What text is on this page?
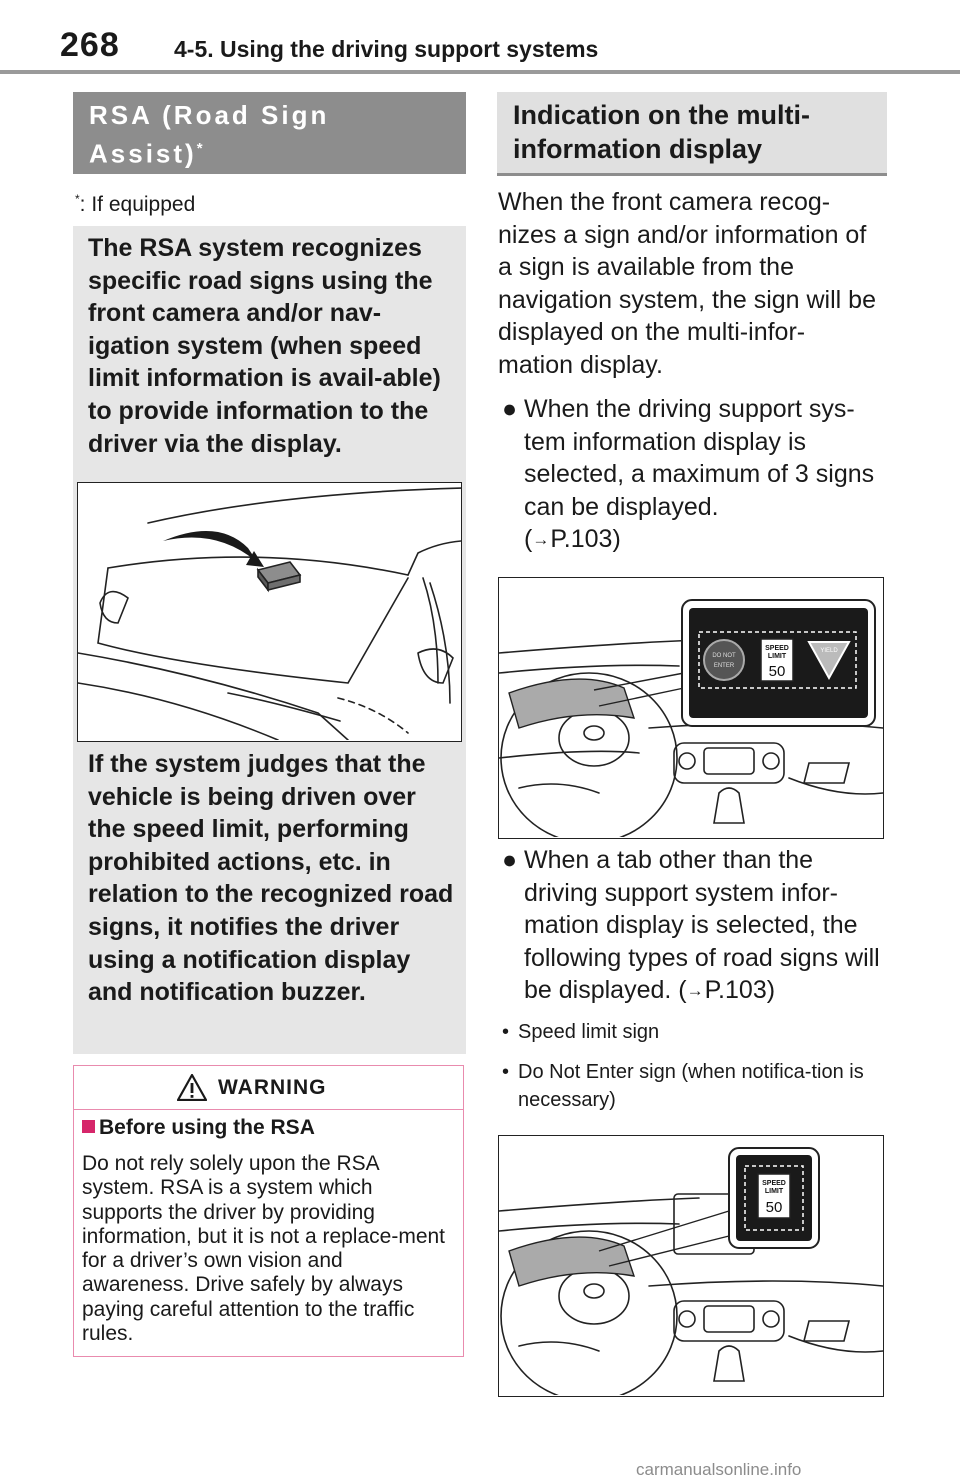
268 4-5. Using the driving support systems
RSA (Road Sign
Assist)*
*: If equipped
The RSA system recognizes specific road signs using the front camera and/or nav-igation system (when speed limit information is avail-able) to provide information to the driver via the display.
If the system judges that the vehicle is being driven over the speed limit, performing prohibited actions, etc. in relation to the recognized road signs, it notifies the driver using a notification display and notification buzzer.
WARNING
Before using the RSA
Do not rely solely upon the RSA system. RSA is a system which supports the driver by providing information, but it is not a replace-ment for a driver’s own vision and awareness. Drive safely by always paying careful attention to the traffic rules.
Indication on the multi-
information display
When the front camera recog-nizes a sign and/or information of a sign is available from the navigation system, the sign will be displayed on the multi-infor-mation display.
● When the driving support sys-tem information display is selected, a maximum of 3 signs can be displayed.
(→P.103)
DO NOT
ENTER
SPEED
LIMIT
50
YIELD
● When a tab other than the driving support system infor-mation display is selected, the following types of road signs will be displayed. (→P.103)
• Speed limit sign
• Do Not Enter sign (when notifica-tion is necessary)
SPEED
LIMIT
50
carmanualsonline.info
